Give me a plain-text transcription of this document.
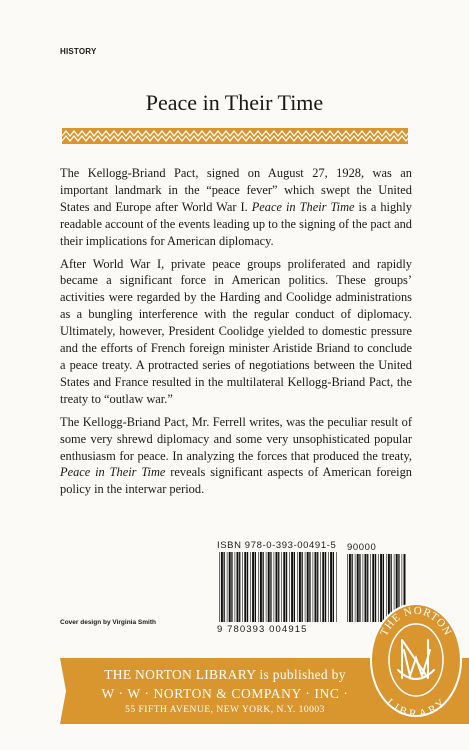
HISTORY
Peace in Their Time

The Kellogg-Briand Pact, signed on August 27, 1928, was an important landmark in the “peace fever” which swept the United States and Europe after World War I. Peace in Their Time is a highly readable account of the events leading up to the signing of the pact and their implications for American diplomacy.

After World War I, private peace groups proliferated and rapidly became a significant force in American politics. These groups’ activities were regarded by the Harding and Coolidge administrations as a bungling interference with the regular conduct of diplomacy. Ultimately, however, President Coolidge yielded to domestic pressure and the efforts of French foreign minister Aristide Briand to conclude a peace treaty. A protracted series of negotiations between the United States and France resulted in the multilateral Kellogg-Briand Pact, the treaty to “outlaw war.”

The Kellogg-Briand Pact, Mr. Ferrell writes, was the peculiar result of some very shrewd diplomacy and some very unsophisticated popular enthusiasm for peace. In analyzing the forces that produced the treaty, Peace in Their Time reveals significant aspects of American foreign policy in the interwar period.

ISBN 978-0-393-00491-5	90000
9 780393 004915
Cover design by Virginia Smith
THE NORTON LIBRARY is published by
W · W · NORTON & COMPANY · INC ·
55 FIFTH AVENUE, NEW YORK, N.Y. 10003
THE NORTON
LIBRARY
